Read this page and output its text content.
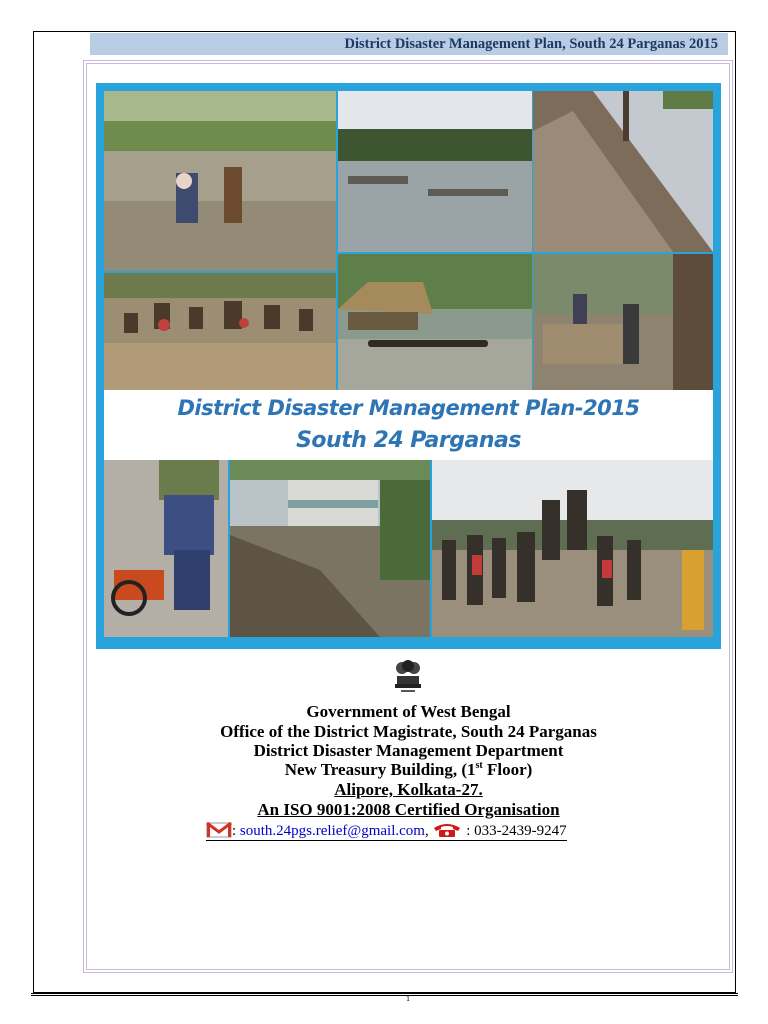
District Disaster Management Plan, South 24 Parganas 2015
District Disaster Management Plan-2015
South 24 Parganas
Government of West Bengal
Office of the District Magistrate, South 24 Parganas
District Disaster Management Department
New Treasury Building, (1st Floor)
Alipore, Kolkata-27.
An ISO 9001:2008 Certified Organisation
: south.24pgs.relief@gmail.com,  : 033-2439-9247
1
